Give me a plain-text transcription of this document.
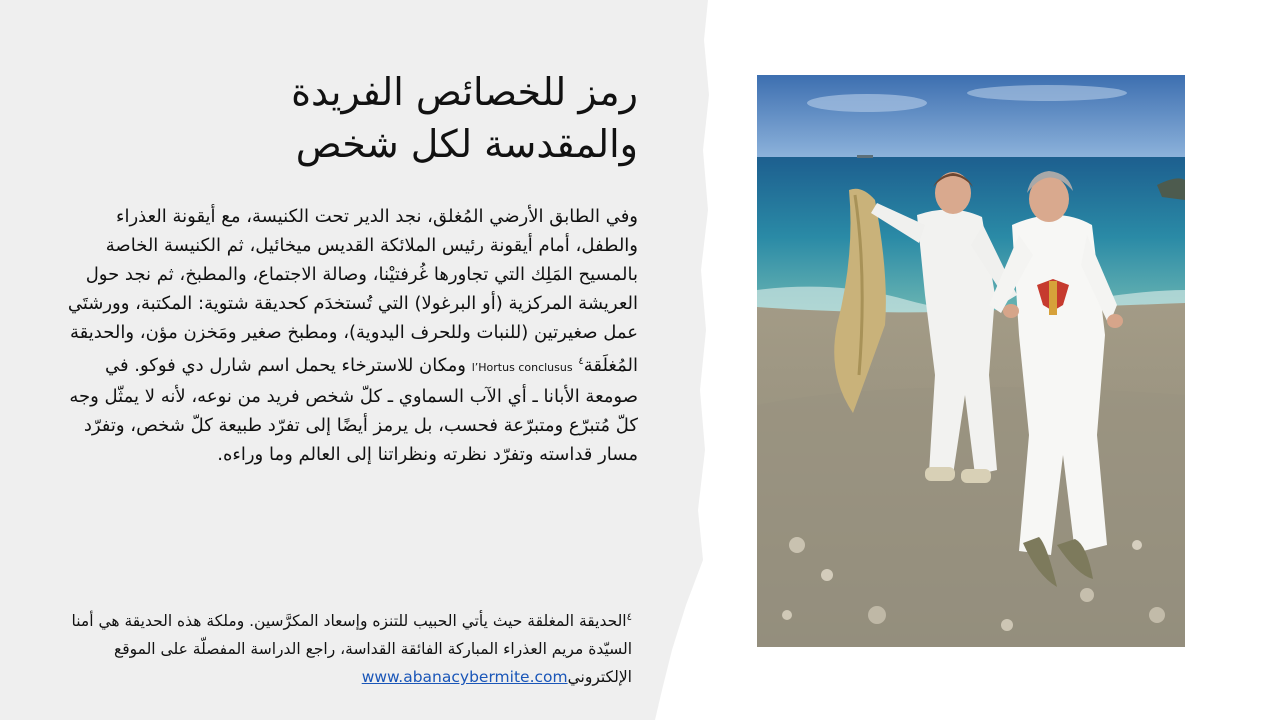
رمز للخصائص الفريدة والمقدسة لكل شخص

وفي الطابق الأرضي المُغلق، نجد الدير تحت الكنيسة، مع أيقونة العذراء والطفل، أمام أيقونة رئيس الملائكة القديس ميخائيل، ثم الكنيسة الخاصة بالمسيح المَلِك التي تجاورها غُرفتيْنا، وصالة الاجتماع، والمطبخ، ثم نجد حول العريشة المركزية (أو البرغولا) التي تُستخدَم كحديقة شتوية: المكتبة، وورشتَي عمل صغيرتين (للنبات وللحرف اليدوية)، ومطبخ صغير ومَخزن مؤن، والحديقة المُغلَقة$^٤$ l’Hortus conclusus ومكان للاسترخاء يحمل اسم شارل دي فوكو. في صومعة الأبانا ـ أي الآب السماوي ـ كلّ شخص فريد من نوعه، لأنه لا يمثّل وجه كلّ مُتبرّع ومتبرّعة فحسب، بل يرمز أيضًا إلى تفرّد طبيعة كلّ شخص، وتفرّد مسار قداسته وتفرّد نظرته ونظراتنا إلى العالم وما وراءه.

$^٤$الحديقة المغلقة حيث يأتي الحبيب للتنزه وإسعاد المكرَّسين. وملكة هذه الحديقة هي أمنا السيّدة مريم العذراء المباركة الفائقة القداسة، راجع الدراسة المفصلّة على الموقع الإلكترونيwww.abanacybermite.com
